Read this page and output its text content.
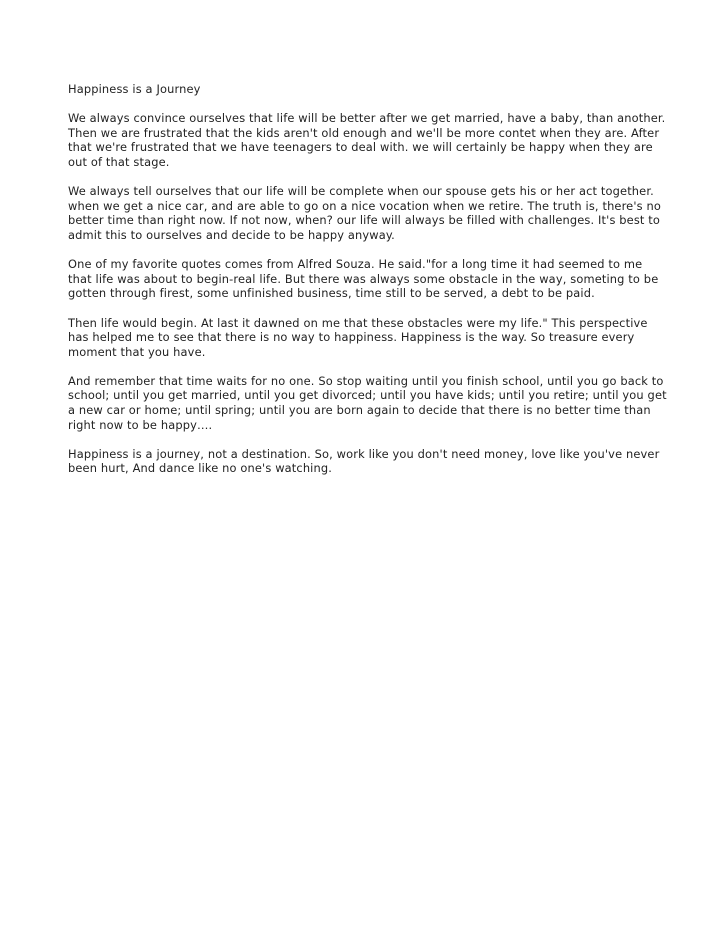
Happiness is a Journey

We always convince ourselves that life will be better after we get married, have a baby, than another. Then we are frustrated that the kids aren't old enough and we'll be more contet when they are. After that we're frustrated that we have teenagers to deal with. we will certainly be happy when they are out of that stage.

We always tell ourselves that our life will be complete when our spouse gets his or her act together. when we get a nice car, and are able to go on a nice vocation when we retire. The truth is, there's no better time than right now. If not now, when? our life will always be filled with challenges. It's best to admit this to ourselves and decide to be happy anyway.

One of my favorite quotes comes from Alfred Souza. He said."for a long time it had seemed to me that life was about to begin-real life. But there was always some obstacle in the way, someting to be gotten through firest, some unfinished business, time still to be served, a debt to be paid.

Then life would begin. At last it dawned on me that these obstacles were my life." This perspective has helped me to see that there is no way to happiness. Happiness is the way. So treasure every moment that you have.

And remember that time waits for no one. So stop waiting until you finish school, until you go back to school; until you get married, until you get divorced; until you have kids; until you retire; until you get a new car or home; until spring; until you are born again to decide that there is no better time than right now to be happy….

Happiness is a journey, not a destination. So, work like you don't need money, love like you've never been hurt, And dance like no one's watching.
